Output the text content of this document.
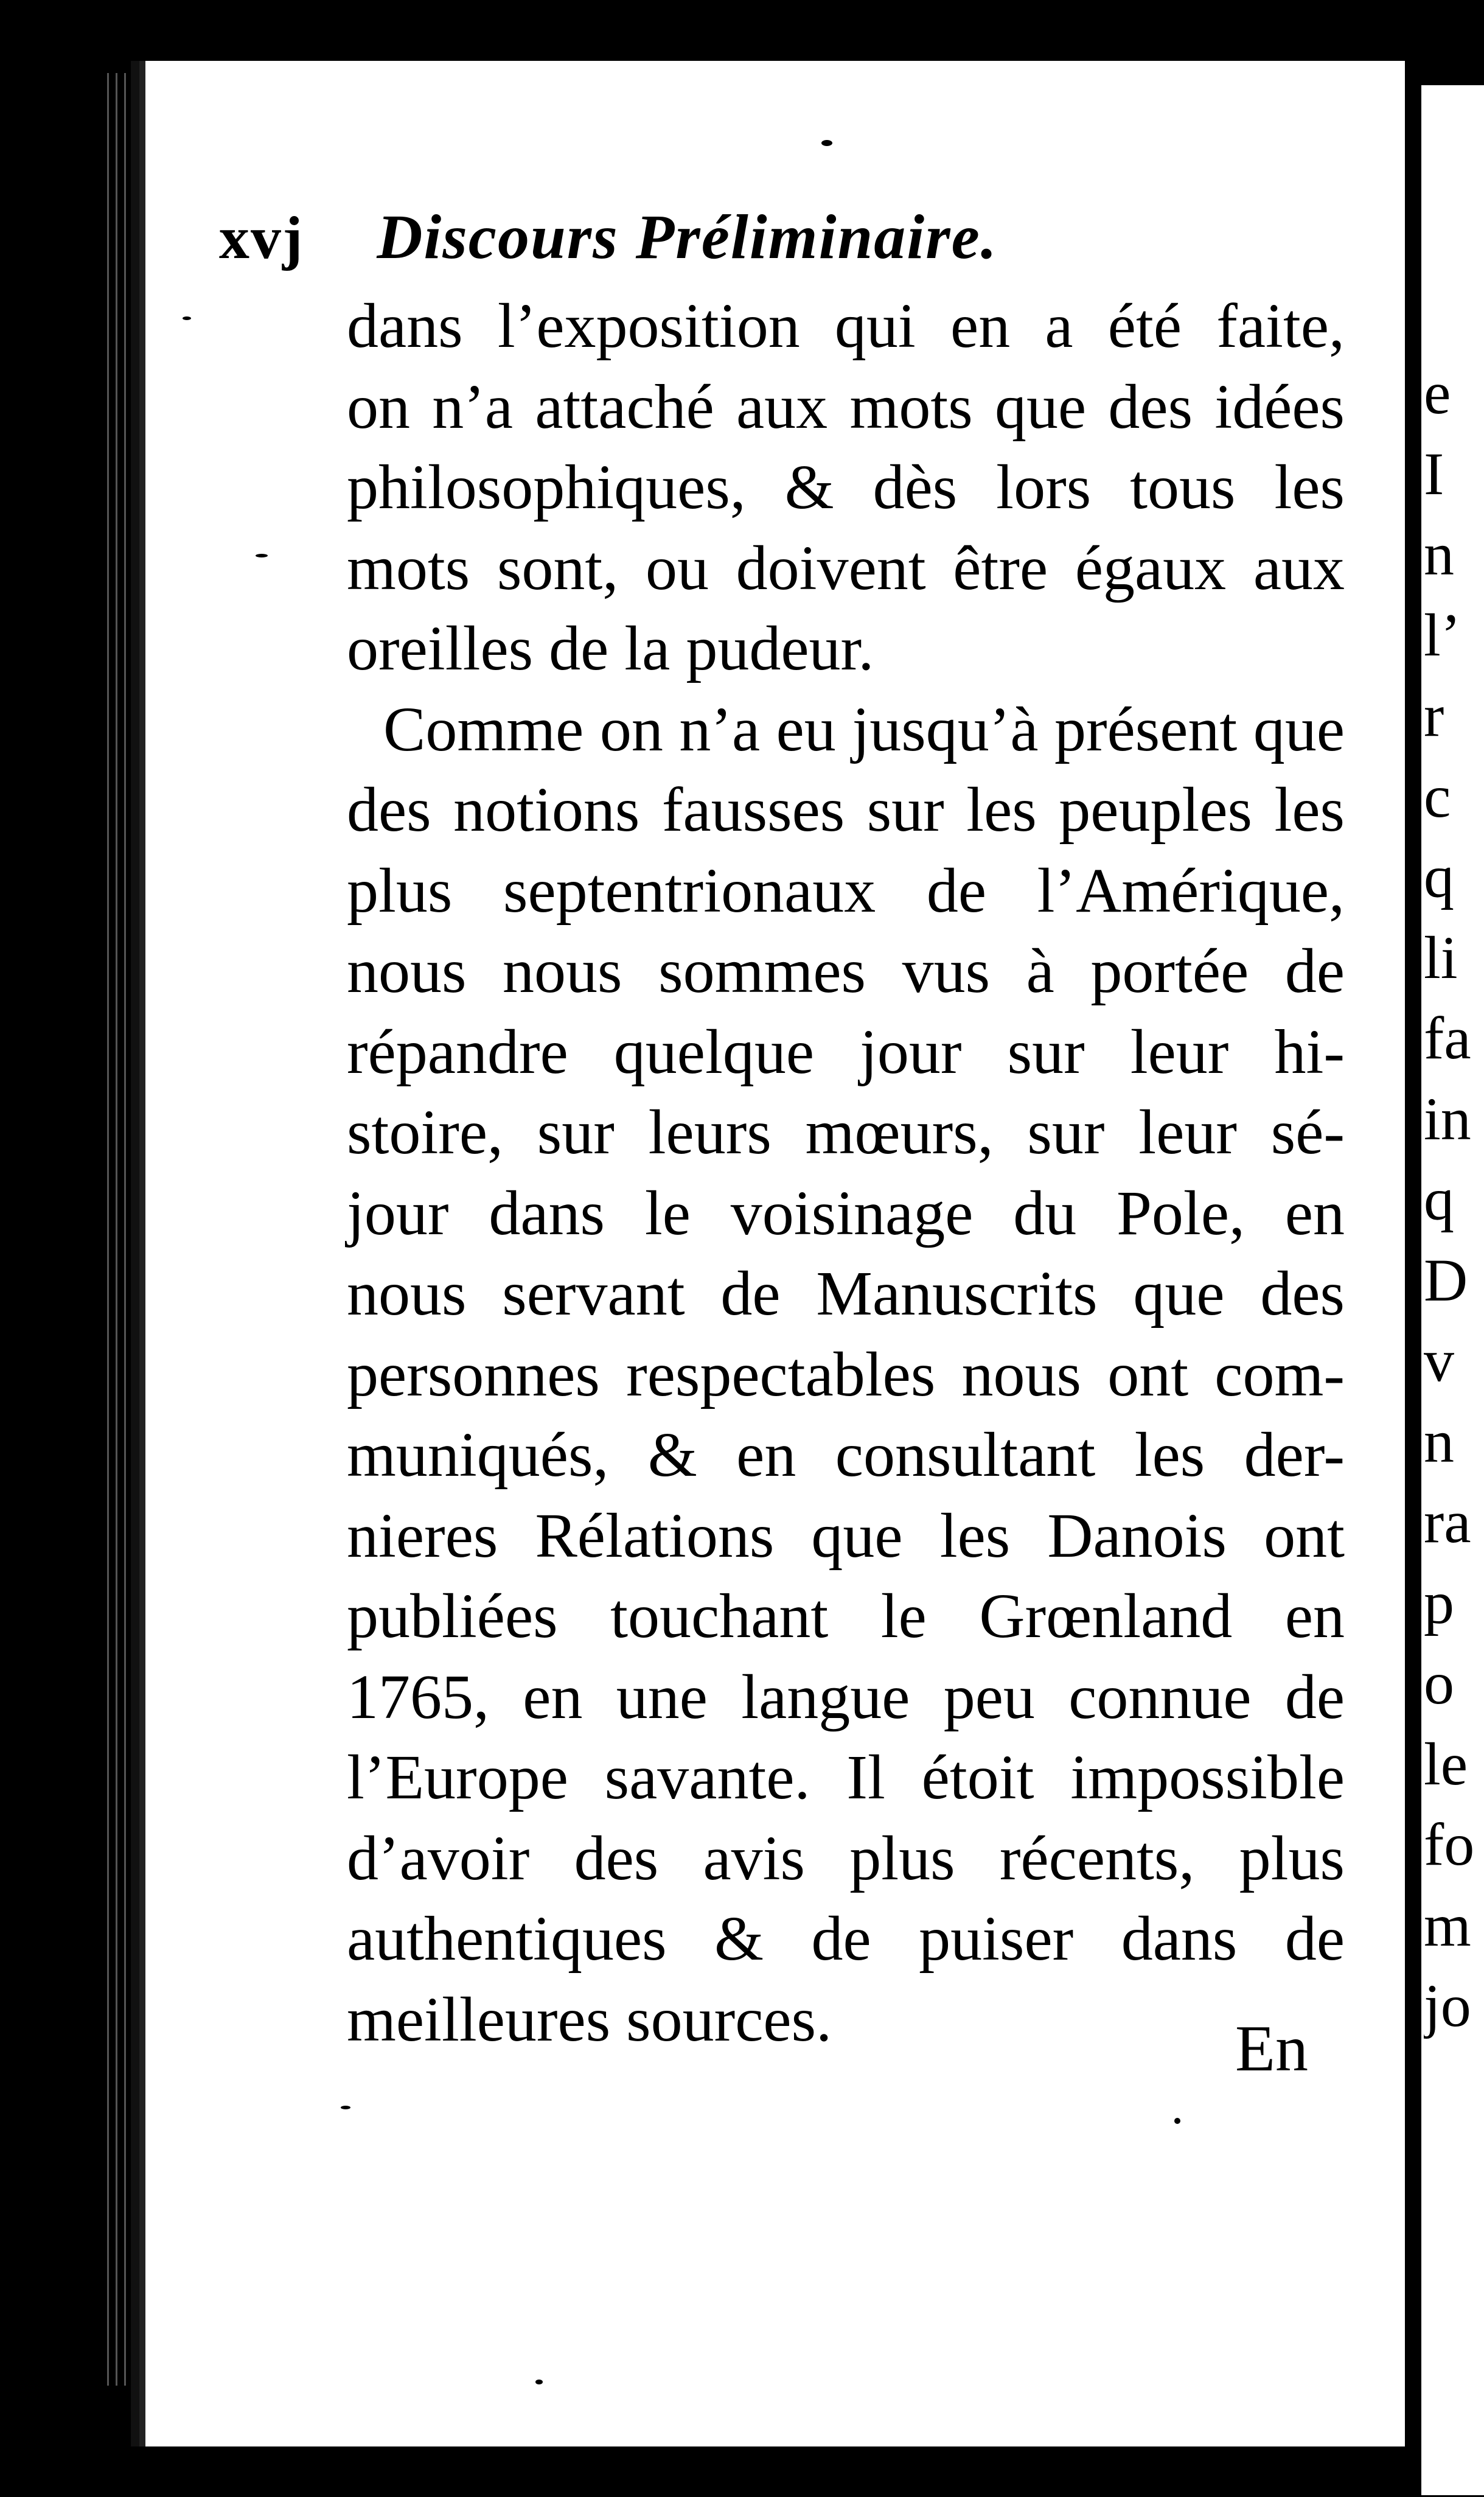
xvj Discours Préliminaire.
dans l’exposition qui en a été faite,
on n’a attaché aux mots que des idées
philosophiques, & dès lors tous les
mots sont, ou doivent être égaux aux
oreilles de la pudeur.
Comme on n’a eu jusqu’à présent que
des notions fausses sur les peuples les
plus septentrionaux de l’Amérique,
nous nous sommes vus à portée de
répandre quelque jour sur leur hi-
stoire, sur leurs mœurs, sur leur sé-
jour dans le voisinage du Pole, en
nous servant de Manuscrits que des
personnes respectables nous ont com-
muniqués, & en consultant les der-
nieres Rélations que les Danois ont
publiées touchant le Grœnland en
1765, en une langue peu connue de
l’Europe savante. Il étoit impossible
d’avoir des avis plus récents, plus
authentiques & de puiser dans de
meilleures sources.	En
e
I
n
l’
r
c
q
li
fa
in
q
D
v
n
ra
p
o
le
fo
m
jo
